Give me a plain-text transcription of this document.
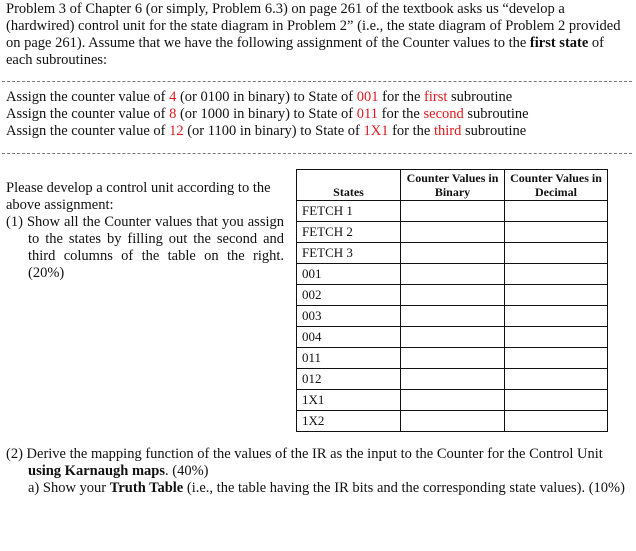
Problem 3 of Chapter 6 (or simply, Problem 6.3) on page 261 of the textbook asks us “develop a (hardwired) control unit for the state diagram in Problem 2” (i.e., the state diagram of Problem 2 provided on page 261). Assume that we have the following assignment of the Counter values to the first state of each subroutines:
Assign the counter value of 4 (or 0100 in binary) to State of 001 for the first subroutine
Assign the counter value of 8 (or 1000 in binary) to State of 011 for the second subroutine
Assign the counter value of 12 (or 1100 in binary) to State of 1X1 for the third subroutine
Please develop a control unit according to the above assignment:
(1) Show all the Counter values that you assign to the states by filling out the second and third columns of the table on the right. (20%)
States	Counter Values in Binary	Counter Values in Decimal
FETCH 1		
FETCH 2		
FETCH 3		
001		
002		
003		
004		
011		
012		
1X1		
1X2		
(2) Derive the mapping function of the values of the IR as the input to the Counter for the Control Unit using Karnaugh maps. (40%)
a) Show your Truth Table (i.e., the table having the IR bits and the corresponding state values). (10%)
